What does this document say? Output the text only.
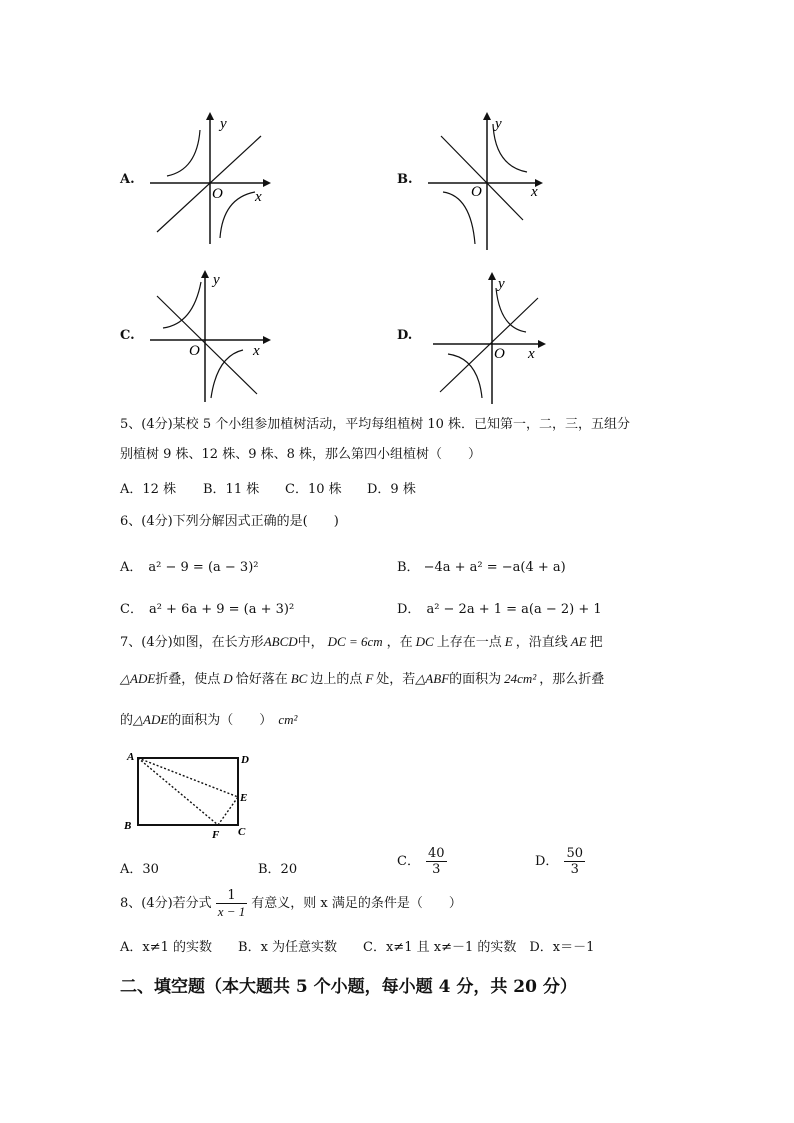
A.
y
x
O
B.
y
x
O
C.
y
x
O
D.
y
x
O
5、(4分)某校 5 个小组参加植树活动，平均每组植树 10 株．已知第一，二，三，五组分
别植树 9 株、12 株、9 株、8 株，那么第四小组植树（　　）
A．12 株 B．11 株 C．10 株 D．9 株
6、(4分)下列分解因式正确的是(　　)
A． a² − 9 = (a − 3)²	B． −4a + a² = −a(4 + a)
C． a² + 6a + 9 = (a + 3)²	D． a² − 2a + 1 = a(a − 2) + 1
7、(4分)如图，在长方形ABCD中， DC = 6cm ，在 DC 上存在一点 E ，沿直线 AE 把
△ADE折叠，使点 D 恰好落在 BC 边上的点 F 处，若△ABF的面积为 24cm² ，那么折叠
的△ADE的面积为（　　） cm²
A	D
E
B
F C
A．30	B．20
C． $\frac{40}{3}$	D． $\frac{50}{3}$
8、(4分)若分式 $\frac{1}{x - 1}$ 有意义，则 x 满足的条件是（　　）
A．x≠1 的实数　　B．x 为任意实数　　C．x≠1 且 x≠－1 的实数　D．x＝－1
二、填空题（本大题共 5 个小题，每小题 4 分，共 20 分）
